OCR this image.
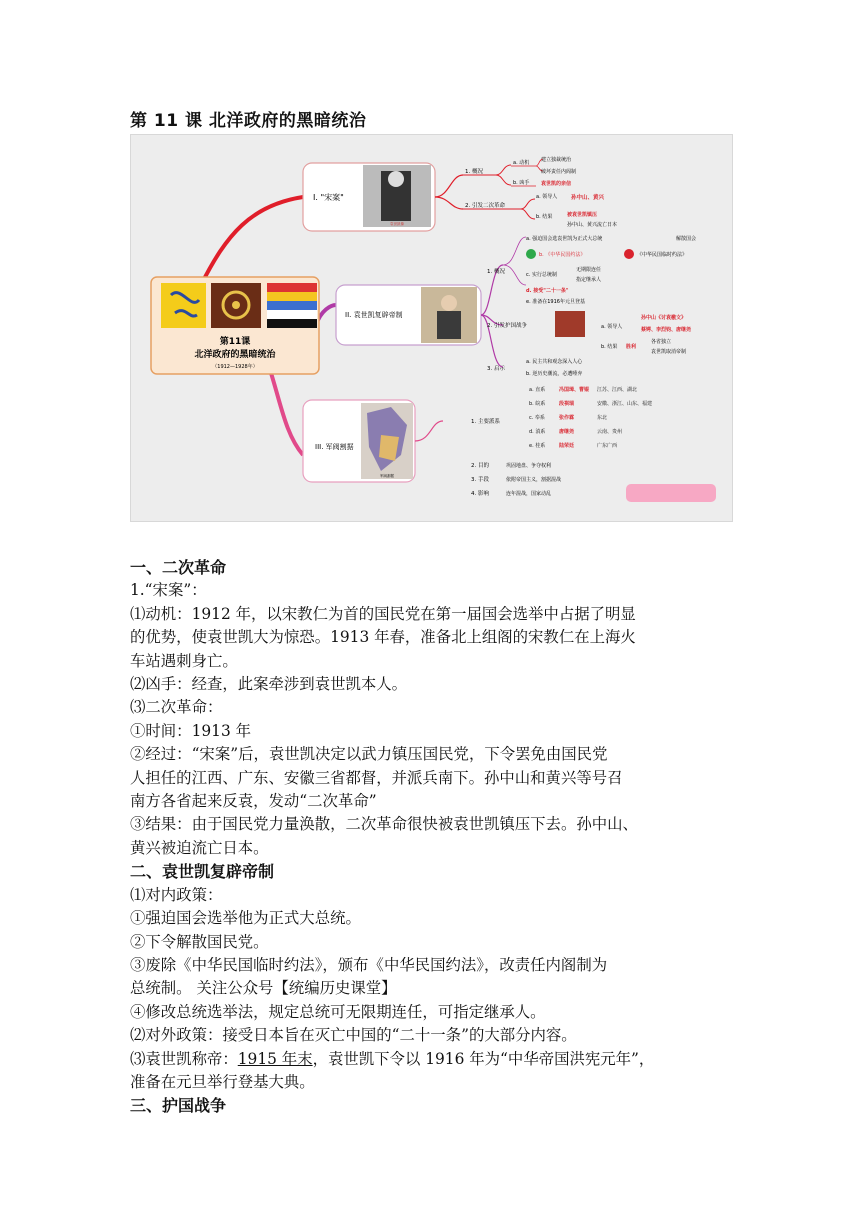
第 11 课 北洋政府的黑暗统治
第11课
北洋政府的黑暗统治
（1912—1928年）
I. "宋案"
袁世凯像
1. 概况
2. 引发二次革命
a. 动机
b. 凶手
建立独裁统治
破坏责任内阁制
袁世凯的亲信
a. 领导人
b. 结果
孙中山、黄兴
被袁世凯镇压
孙中山、黄兴流亡日本
II. 袁世凯复辟帝制
1. 概况
a. 强迫国会选袁世凯为正式大总统	解散国会
b. 《中华民国约法》	《中华民国临时约法》
c. 实行总统制
无期限连任
指定继承人
d. 接受"二十一条"
e. 准备在1916年元旦登基
2. 引发护国战争	a. 领导人
孙中山《讨袁檄文》
蔡锷、李烈钧、唐继尧
b. 结果 胜利
各省独立
袁世凯取消帝制
3. 启示
a. 民主共和观念深入人心
b. 逆历史潮流，必遭唾弃
III. 军阀割据
军阀割据
1. 主要派系
a. 直系	冯国璋、曹锟 江苏、江西、湖北
b. 皖系	段祺瑞	安徽、浙江、山东、福建
c. 奉系	张作霖	东北
d. 滇系	唐继尧	云南、贵州
e. 桂系	陆荣廷	广东广西
2. 目的	巩固地盘、争夺权利
3. 手段	依附帝国主义，割据混战
4. 影响	连年混战，国家动乱

一、二次革命

1.“宋案”：

⑴动机：1912 年，以宋教仁为首的国民党在第一届国会选举中占据了明显

的优势，使袁世凯大为惊恐。1913 年春，准备北上组阁的宋教仁在上海火

车站遇刺身亡。

⑵凶手：经查，此案牵涉到袁世凯本人。

⑶二次革命：

①时间：1913 年

②经过：“宋案”后，袁世凯决定以武力镇压国民党，下令罢免由国民党

人担任的江西、广东、安徽三省都督，并派兵南下。孙中山和黄兴等号召

南方各省起来反袁，发动“二次革命”

③结果：由于国民党力量涣散，二次革命很快被袁世凯镇压下去。孙中山、

黄兴被迫流亡日本。

二、袁世凯复辟帝制

⑴对内政策：

①强迫国会选举他为正式大总统。

②下令解散国民党。

③废除《中华民国临时约法》，颁布《中华民国约法》，改责任内阁制为

总统制。 关注公众号【统编历史课堂】

④修改总统选举法，规定总统可无限期连任，可指定继承人。

⑵对外政策：接受日本旨在灭亡中国的“二十一条”的大部分内容。

⑶袁世凯称帝：1915 年末，袁世凯下令以 1916 年为“中华帝国洪宪元年”，

准备在元旦举行登基大典。

三、护国战争
